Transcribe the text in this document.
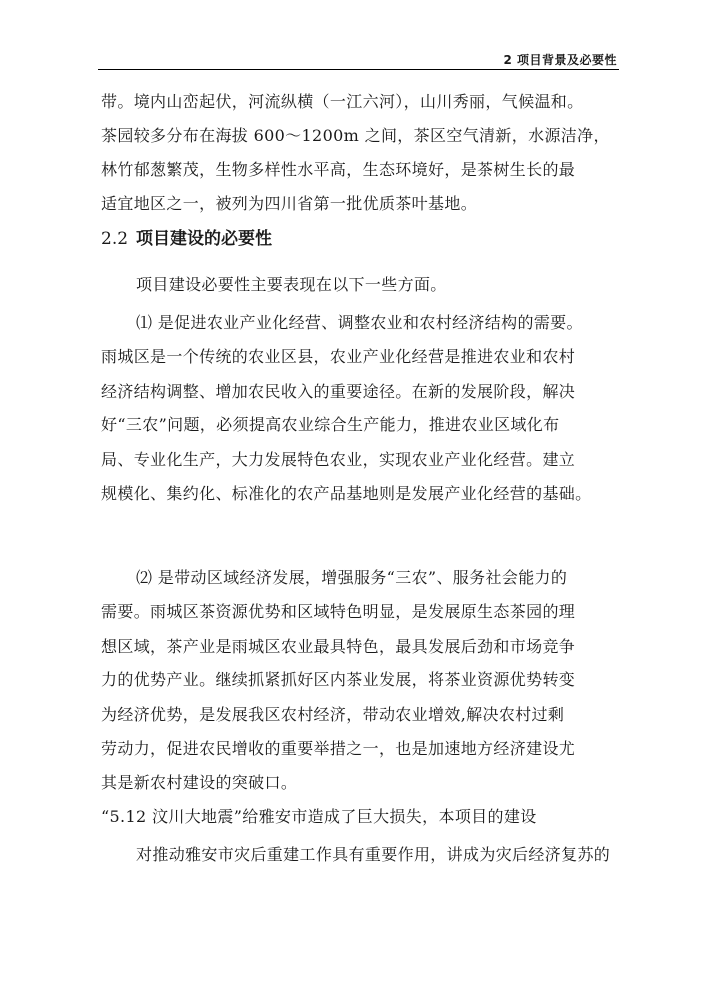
2 项目背景及必要性
带。境内山峦起伏，河流纵横（一江六河），山川秀丽，气候温和。
茶园较多分布在海拔 600～1200m 之间，茶区空气清新，水源洁净，
林竹郁葱繁茂，生物多样性水平高，生态环境好，是茶树生长的最
适宜地区之一，被列为四川省第一批优质茶叶基地。
2.2 项目建设的必要性
项目建设必要性主要表现在以下一些方面。
⑴ 是促进农业产业化经营、调整农业和农村经济结构的需要。
雨城区是一个传统的农业区县，农业产业化经营是推进农业和农村
经济结构调整、增加农民收入的重要途径。在新的发展阶段，解决
好“三农”问题，必须提高农业综合生产能力，推进农业区域化布
局、专业化生产，大力发展特色农业，实现农业产业化经营。建立
规模化、集约化、标准化的农产品基地则是发展产业化经营的基础。
⑵ 是带动区域经济发展，增强服务“三农”、服务社会能力的
需要。雨城区茶资源优势和区域特色明显，是发展原生态茶园的理
想区域，茶产业是雨城区农业最具特色，最具发展后劲和市场竞争
力的优势产业。继续抓紧抓好区内茶业发展，将茶业资源优势转变
为经济优势，是发展我区农村经济，带动农业增效,解决农村过剩
劳动力，促进农民增收的重要举措之一，也是加速地方经济建设尤
其是新农村建设的突破口。
“5.12 汶川大地震”给雅安市造成了巨大损失，本项目的建设
对推动雅安市灾后重建工作具有重要作用，讲成为灾后经济复苏的
